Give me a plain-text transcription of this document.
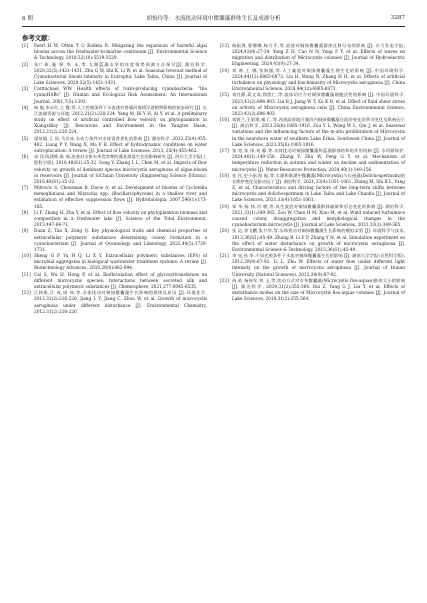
6 期	胡怡玲等：水流扰动环境中微囊藻群体生长及成群分析	3287
参考文献：
[1]	Paerl H W, Otten T G Kudela R. Mitigating the expansion of harmful algal blooms across the freshwater-to-marine continuum [J]. Environmental Science & Technology, 2018,52(10):5519-5529.
[2]	朱广伟,施 坤,李 未,等.太湖蓝藻水华的年度情势预测方法探讨[J]. 湖泊科学, 2020,32(5):1421-1431. Zhu G W, Shi K, Li W, et al. Seasonal forecast method of Cyanobacterial bloom intensity in Eutrophic Lake Taihu, China [J]. Journal of Lake Sciences, 2020,32(5):1421-1431.
[3]	Carmichael WW. Health effects of toxin-producing cyanobacteria: "the cyanoHABs" [J]. Human and Ecological Risk Assessment: An International Journal, 2001,7(5):1393.
[4]	杨 毅,毕永红,王 鹭,等.人工控制条件下水流速对香溪河海湾浮游植物影响的初步研究 [J]. 长江流域资源与环境, 2012,21(2):220-224. Yang M, Bi Y H, Ai Y, et al. A preliminary study on effect of artificial controlled flow velocity on phytoplankton in XiangxiBay [J]. Resources and Environment in the Yangtze Basin, 2012,21(2):220-224.
[5]	梁培瑜,王 烜,马芳冰.水动力条件对水体富营养化的影响 [J]. 湖泊科学, 2013,25(4):455-462. Liang P Y, Wang X, Ma F B. Effect of hydrodynamic conditions on water eutrophication: A review [J]. Journal of Lake Sciences, 2013, 25(4):455-462.
[6]	宋 洋,陈建辉,陈 瑞.流速对水体水华优势种的藻类群落生长的影响研究 [J]. 四川大学学报(工程科学版), 2016,48(S1):25-32. Song Y, Zhang L L, Chen M, et al. Impacts of flow velocity on growth of dominant species microcystis aeruginosa of algae-bloom in reservoirs [J]. Journal of SiChuan University (Engineering Science Edition), 2016,48(S1):25-32.
[7]	Mitrovic S, Chessman B, Davie A, et al. Development of blooms of Cyclotella meneghiniana and Nitzschia spp. (Bacillariophyceae) in a shallow river and estimation of effective suppression flows [J]. Hydrobiologia, 2007,596(1):173-185.
[8]	Li F, Zhang H, Zhu Y, et al. Effect of flow velocity on phytoplankton biomass and composition in a freshwater lake [J]. Science of the Total Environment, 2013,447:64-71.
[9]	Duan Z, Tan X, Zeng Q. Key physiological traits and chemical properties of extracellular polymeric substances determining colony formation in a cyanobacterium [J]. Journal of Oceanology and Limnology, 2022,40(5):1720-1731.
[10] Sheng G P, Yu H Q, Li X Y. Extracellular polymeric substances (EPS) of microbial aggregates in biological wastewater treatment systems: A review [J]. Biotechnology Advances, 2010,28(6):882-894.
[11] Cai S, Wu H, Hong P, et al. Biofloculation effect of glycosyltransferase on different microcystis species: Interactions between secreted silk and extracellular polymeric substances [J]. Chemosphere, 2021,277:0045-6535.
[12] 江林燕,江 成,周 伟,等.水体扰动对铜绿微囊藻生长影响的规律及原因 [J]. 环境化学, 2012,31(2):216-220. Jiang L Y, Jiang C, Zhou W, et al. Growth of microcystis aeruginosa under different disturbance [J]. Environmental Chemistry, 2012,31(2):216-220.
[13] 杨振海,曹娜娜,杨方平,等.流速对铜绿微囊藻群体迁移分布的影响 [J]. 水力发电学报, 2024,43(9):27-34. Yang Z H, Cao N N, Yang F Y, et al. Effects of waves on migration and distribution of Microcystis colonies [J]. Journal of Hydroelectric Engineering, 2024,43(9):27-34.
[14] 刘 欢,王 娜,张海涵,等.人工紊流对铜绿微囊藻生理生化的影响 [J]. 中国环境科学, 2024,44(12):6865-6873. Liu H, Wang N, Zhang H H, et al. Effects of artificial turbulence on physiology and biochemistry of Microcystis aeruginosa [J]. China Environmental Science, 2024,44(12):6865-6873.
[15] 刘任静,蒋文涛,徐凯仁,等.流体切应力对铜绿微囊藻细胞活性的影响 [J]. 中国环境科学, 2023,43(2):896-903. Liu R J, Jiang W T, Xu K R, et al. Effect of fluid shear stress on activity of Microcystis aeruginosa cells [J]. China Environmental Science, 2023,43(2):896-903.
[16] 邹锐兰,王晗琪,秦 仁,等.西南高原地区湖泊内铜绿微囊藻在流场变化的季节变化及影响因子 [J]. 湖泊科学, 2023,35(6):1965-1916. Zou Y L, Wang W L, Qin J, et al. Seasonal variations and the influencing factors of the in-situ proliferation of Microcystis in the nearshore water of southern Lake Erhai, Southwest China [J]. Journal of Lake Sciences, 2023,35(6):1905-1916.
[17] 张 宽,朱 伟,刘 静,等.水体扰动对铜绿微囊藻和蓝藻群落结构的作用机制 [J]. 水资源保护, 2024,40(1):149-156. Zhang Y, Zhu W, Feng G Y, et al. Mechanism of temperature reduction in autumn and winter on decline and sedimentation of microcystis [J]. Water Resources Protection, 2024,40(1):149-156.
[18] 张 民,史小丽,阳 振,等.太湖和巢湖中微囊藻(Microcystis)与长孢藻(Dolichospermum)的长期序变化及驱动因子 [J]. 湖泊科学, 2021,33(4):1051-1061. Zhang M, Shi X L, Yang Z, et al. Characteristics and driving factors of the long-term shifts between microcystis and dolichospermum in Lake Taihu and Lake Chaohu [J]. Journal of Lake Sciences, 2021,33(4):1051-1061.
[19] 邹 华,杨 林,肖 敏,等.风生波浪对铜绿微囊藻群体破碎和形态变化的影响 [J]. 湖泊科学, 2021,33(1):349-365. Zou W, Chen H M, Xiao M, et al. Wind induced turbulence caused colony disaggregation and morphological changes in the cyanobacterium microcystis [J]. Journal of Lake Sciences, 2021,33(2):349-365.
[20] 张 沁,李飞鹏,张月华,等.水体扰动对铜绿微囊藻生长影响的模拟实验 [J]. 环境科学与技术, 2013,36(S1):45-49. Zhang B, Li F P, Zhang Y H, et al. Simulation experiment on the effect of water disturbance on growth of microcystis aeruginosa [J]. Environmental Science & Technology, 2013,36(S1):45-49.
[21] 李 亮,孙 华.不同光照条件下水流对铜绿微囊藻生长的影响 [J]. 湖南大学学报(自然科学版), 2012,39(9):87-92. Li L, Zhu W. Effects of water flow under different light intensity on the growth of microcystis aeruginosa [J]. Journal of Hunan University (Natural Sciences), 2012,39(9):87-92.
[22] 芮 政,杨伟军,刘 玉,等.扰动方式对水华微囊藻(Microcystis flos-aquae)群体大小的影响 [J]. 湖泊科学, 2019,31(2):355-364. Rui Z, Yang G J, Liu Y, et al. Effects of disturbance modes on the size of Microcystis flos-aquae colonies [J]. Journal of Lake Sciences, 2019,31(2):355-364.
